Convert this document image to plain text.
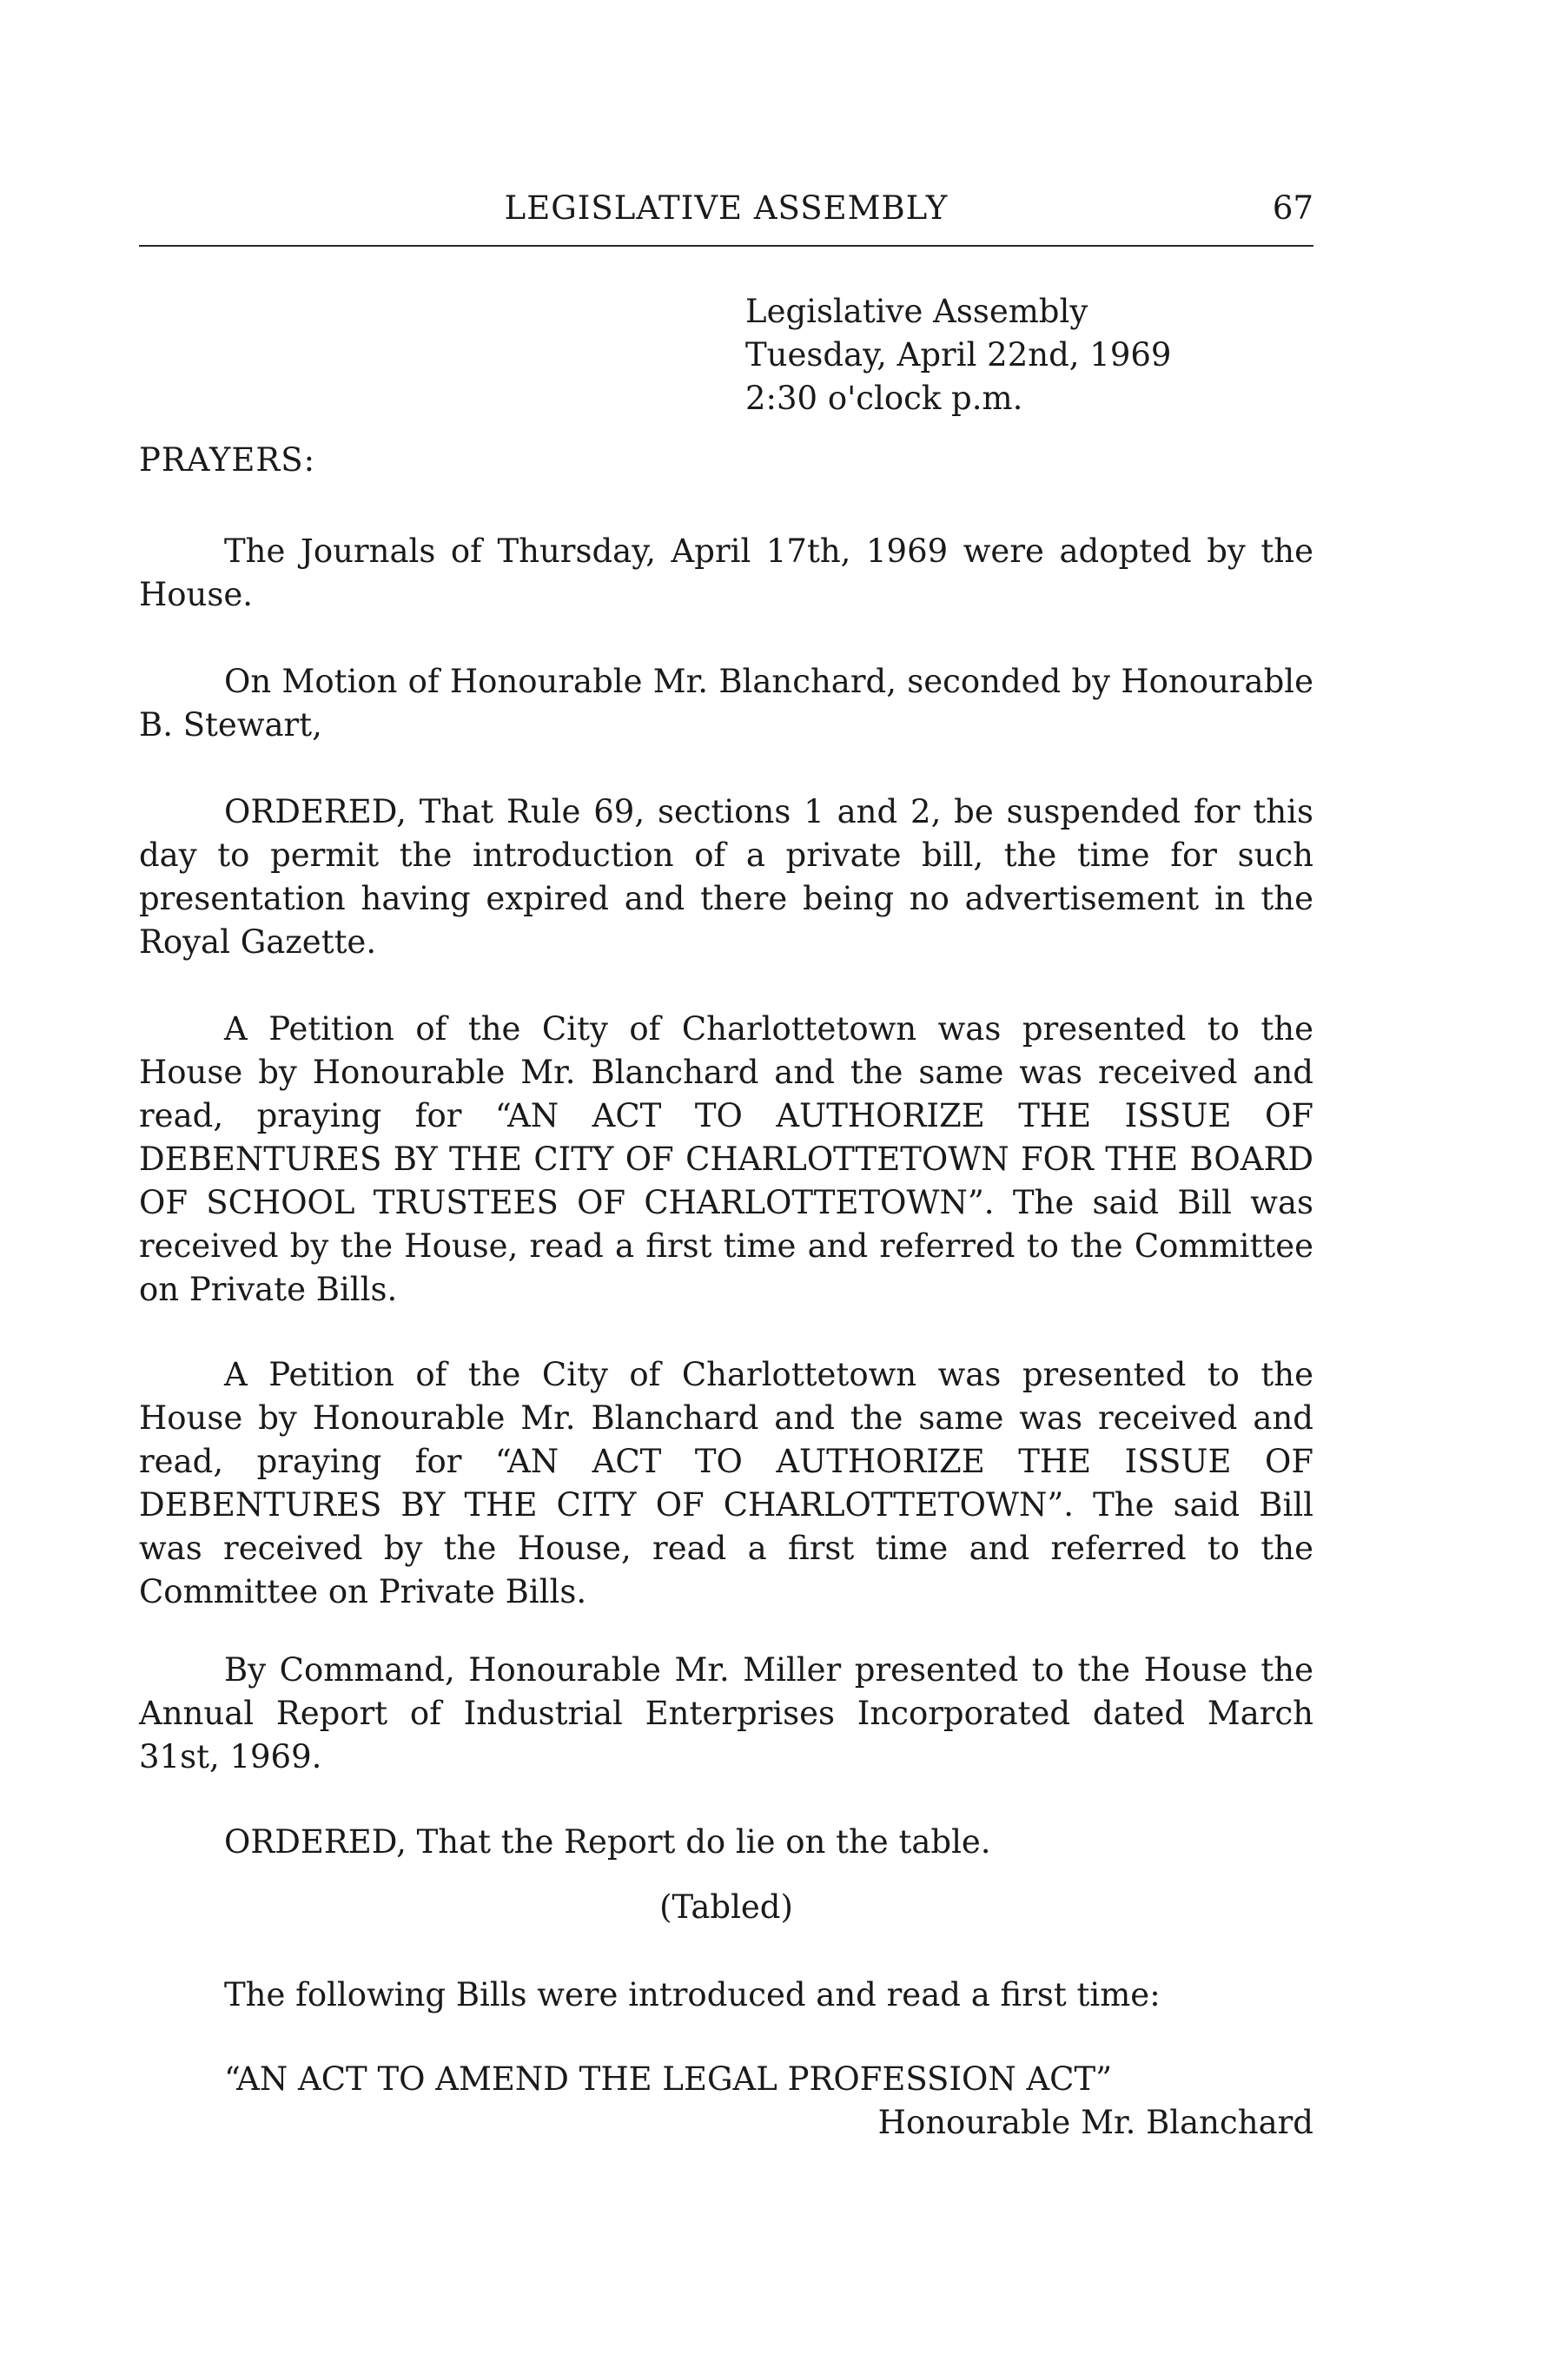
LEGISLATIVE ASSEMBLY	67
Legislative Assembly
Tuesday, April 22nd, 1969
2:30 o'clock p.m.
PRAYERS:

The Journals of Thursday, April 17th, 1969 were adopted by the House.

On Motion of Honourable Mr. Blanchard, seconded by Honourable B. Stewart,

ORDERED, That Rule 69, sections 1 and 2, be suspended for this day to permit the introduction of a private bill, the time for such presentation having expired and there being no advertisement in the Royal Gazette.

A Petition of the City of Charlottetown was presented to the House by Honourable Mr. Blanchard and the same was received and read, praying for “AN ACT TO AUTHORIZE THE ISSUE OF DEBENTURES BY THE CITY OF CHARLOTTETOWN FOR THE BOARD OF SCHOOL TRUSTEES OF CHARLOTTETOWN”. The said Bill was received by the House, read a first time and referred to the Committee on Private Bills.

A Petition of the City of Charlottetown was presented to the House by Honourable Mr. Blanchard and the same was received and read, praying for “AN ACT TO AUTHORIZE THE ISSUE OF DEBENTURES BY THE CITY OF CHARLOTTETOWN”. The said Bill was received by the House, read a first time and referred to the Committee on Private Bills.

By Command, Honourable Mr. Miller presented to the House the Annual Report of Industrial Enterprises Incorporated dated March 31st, 1969.

ORDERED, That the Report do lie on the table.

(Tabled)

The following Bills were introduced and read a first time:

“AN ACT TO AMEND THE LEGAL PROFESSION ACT”
Honourable Mr. Blanchard
